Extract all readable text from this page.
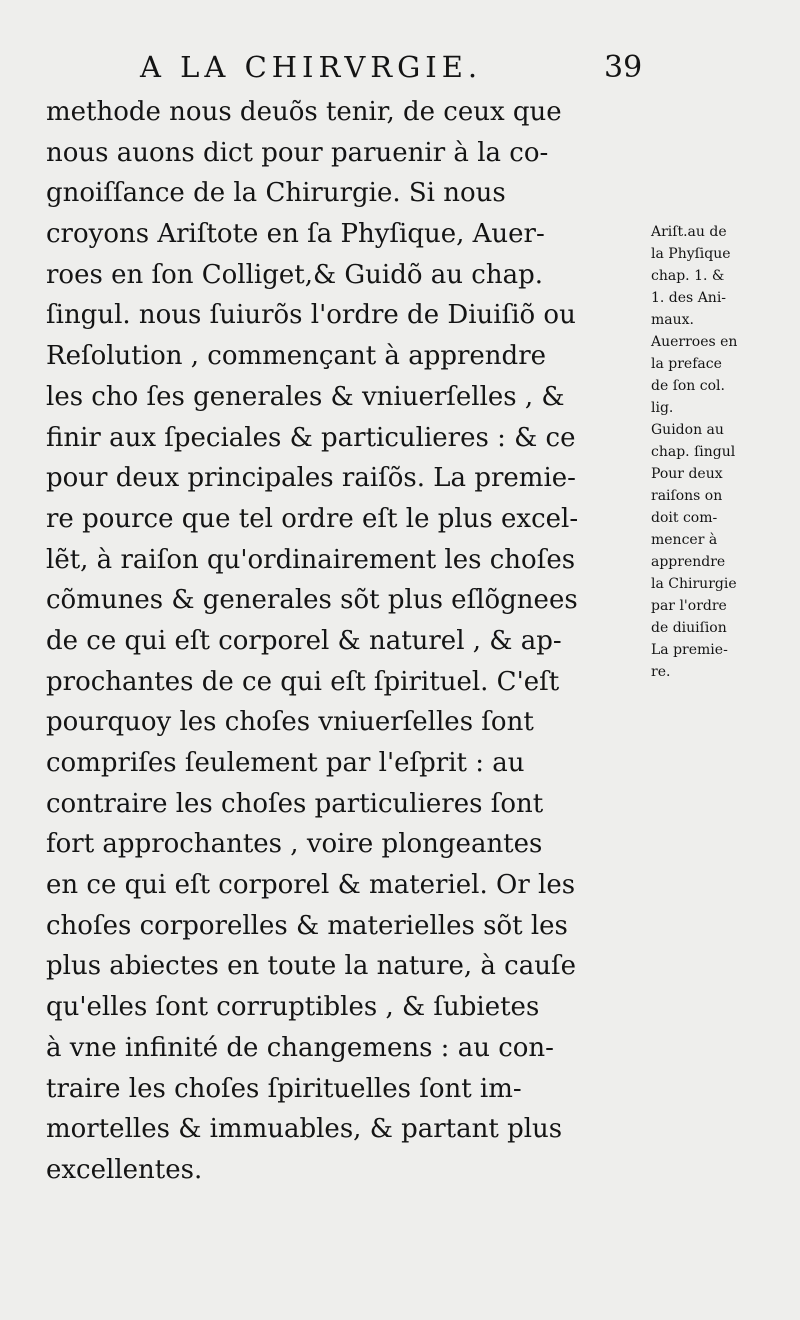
A LA CHIRVRGIE.	39
methode nous deuõs tenir, de ceux que
nous auons dict pour paruenir à la co-
gnoiſſance de la Chirurgie. Si nous
croyons Ariſtote en ſa Phyſique, Auer-
roes en ſon Colliget,& Guidõ au chap.
ſingul. nous ſuiurõs l'ordre de Diuiſiõ ou
Reſolution , commençant à apprendre
les cho ſes generales & vniuerſelles , &
finir aux ſpeciales & particulieres : & ce
pour deux principales raiſõs. La premie-
re pource que tel ordre eſt le plus excel-
lẽt, à raiſon qu'ordinairement les choſes
cõmunes & generales sõt plus eſlõgnees
de ce qui eſt corporel & naturel , & ap-
prochantes de ce qui eſt ſpirituel. C'eſt
pourquoy les choſes vniuerſelles ſont
compriſes ſeulement par l'eſprit : au
contraire les choſes particulieres ſont
fort approchantes , voire plongeantes
en ce qui eſt corporel & materiel. Or les
choſes corporelles & materielles sõt les
plus abiectes en toute la nature, à cauſe
qu'elles ſont corruptibles , & ſubietes
à vne infinité de changemens : au con-
traire les choſes ſpirituelles ſont im-
mortelles & immuables, & partant plus
excellentes.
Ariſt.au de
la Phyſique
chap. 1. &
1. des Ani-
maux.
Auerroes en
la preface
de ſon col.
lig.
Guidon au
chap. ſingul
Pour deux
raiſons on
doit com-
mencer à
apprendre
la Chirurgie
par l'ordre
de diuiſion
La premie-
re.
